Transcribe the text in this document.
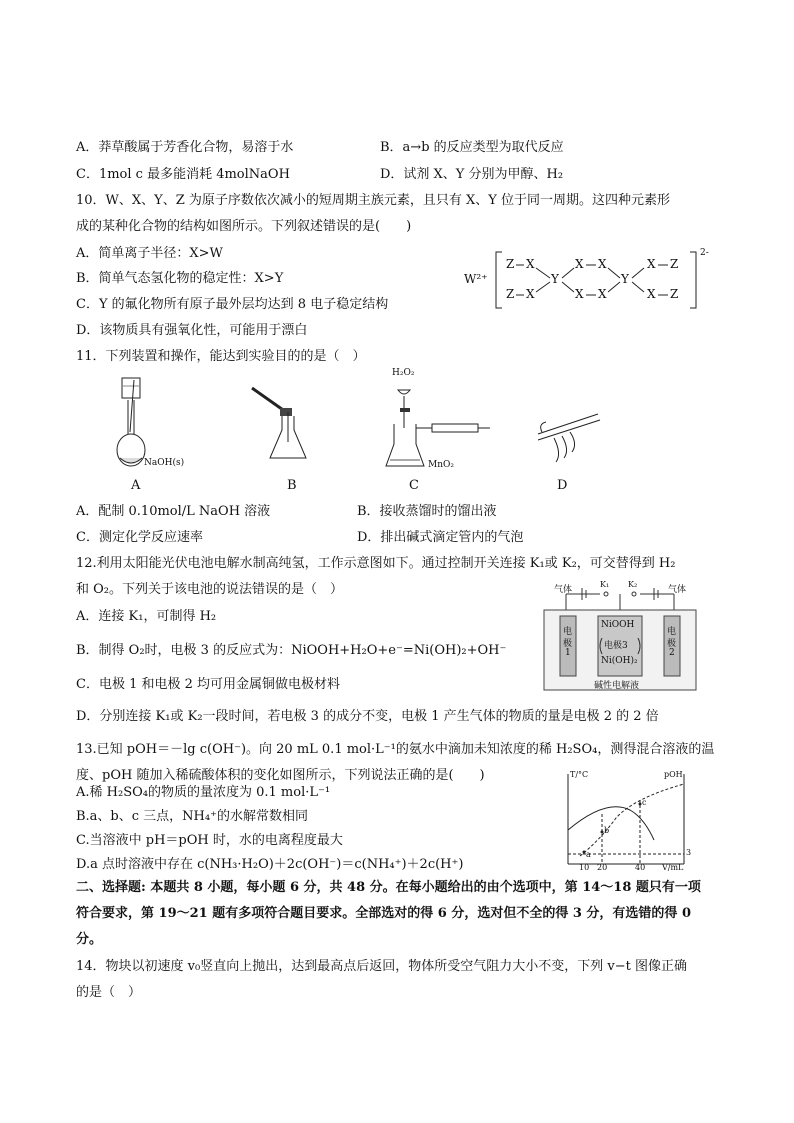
A．莽草酸属于芳香化合物，易溶于水	B．a→b 的反应类型为取代反应
C．1mol c 最多能消耗 4molNaOH	D．试剂 X、Y 分别为甲醇、H₂
10．W、X、Y、Z 为原子序数依次减小的短周期主族元素，且只有 X、Y 位于同一周期。这四种元素形
成的某种化合物的结构如图所示。下列叙述错误的是(　　)
A．简单离子半径：X>W
B．简单气态氢化物的稳定性：X>Y
C．Y 的氟化物所有原子最外层均达到 8 电子稳定结构
D．该物质具有强氧化性，可能用于漂白
W²⁺
2-
Z X
Z X
Y
X X
X X
Y
X Z
X Z
11．下列装置和操作，能达到实验目的的是（　）
NaOH(s)
H₂O₂
MnO₂
A	B	C	D
A．配制 0.10mol/L NaOH 溶液	B．接收蒸馏时的馏出液
C．测定化学反应速率	D．排出碱式滴定管内的气泡
12.利用太阳能光伏电池电解水制高纯氢，工作示意图如下。通过控制开关连接 K₁或 K₂，可交替得到 H₂
和 O₂。下列关于该电池的说法错误的是（　）
A．连接 K₁，可制得 H₂
B．制得 O₂时，电极 3 的反应式为：NiOOH+H₂O+e⁻=Ni(OH)₂+OH⁻
C．电极 1 和电极 2 均可用金属铜做电极材料
D．分别连接 K₁或 K₂一段时间，若电极 3 的成分不变，电极 1 产生气体的物质的量是电极 2 的 2 倍
气体	气体
K₁ K₂
电
极
1
电
极
2
NiOOH
电极3
Ni(OH)₂
碱性电解液
13.已知 pOH＝－lg c(OH⁻)。向 20 mL 0.1 mol·L⁻¹的氨水中滴加未知浓度的稀 H₂SO₄，测得混合溶液的温
度、pOH 随加入稀硫酸体积的变化如图所示，下列说法正确的是(　　)
A.稀 H₂SO₄的物质的量浓度为 0.1 mol·L⁻¹
B.a、b、c 三点，NH₄⁺的水解常数相同
C.当溶液中 pH＝pOH 时，水的电离程度最大
D.a 点时溶液中存在 c(NH₃·H₂O)＋2c(OH⁻)＝c(NH₄⁺)＋2c(H⁺)
T/°C	pOH
V/mL
10 20	40
3
a
b
c
二、选择题: 本题共 8 小题，每小题 6 分，共 48 分。在每小题给出的由个选项中，第 14～18 题只有一项
符合要求，第 19～21 题有多项符合题目要求。全部选对的得 6 分，选对但不全的得 3 分，有选错的得 0
分。
14．物块以初速度 v₀竖直向上抛出，达到最高点后返回，物体所受空气阻力大小不变，下列 v−t 图像正确
的是（　）
